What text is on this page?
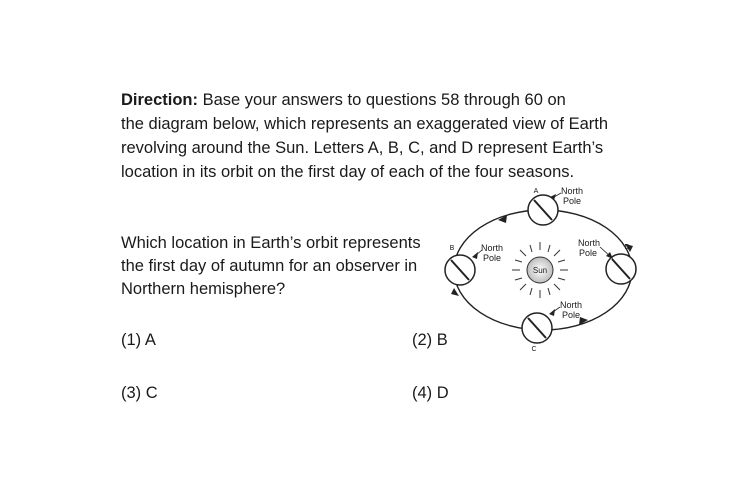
Direction: Base your answers to questions 58 through 60 on
the diagram below, which represents an exaggerated view of Earth
revolving around the Sun. Letters A, B, C, and D represent Earth’s
location in its orbit on the first day of each of the four seasons.
Which location in Earth’s orbit represents
the first day of autumn for an observer in
Northern hemisphere?
(1) A	(2) B
(3) C	(4) D
Sun
A	North
Pole
B	North
Pole
C
North
Pole
D
North
Pole
